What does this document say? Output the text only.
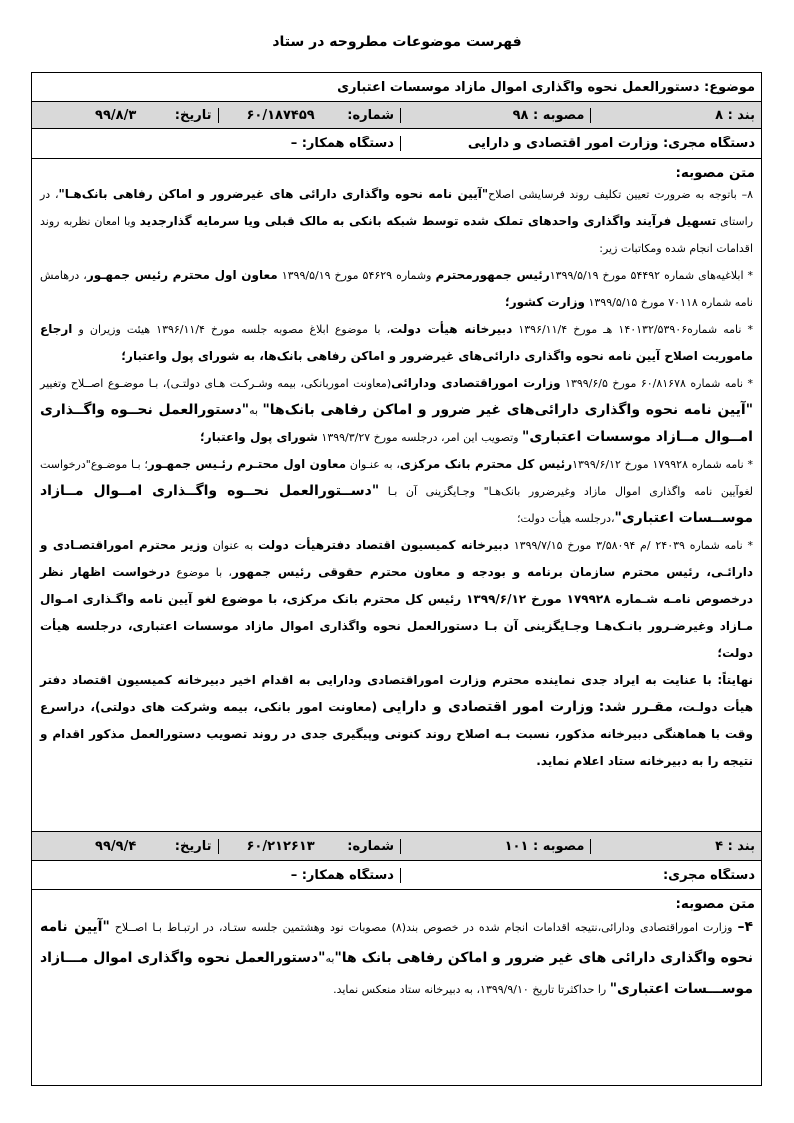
فهرست موضوعات مطروحه در ستاد
موضوع: دستورالعمل نحوه واگذاری اموال مازاد موسسات اعتباری
بند : ۸
مصوبه : ۹۸
شماره: ۶۰/۱۸۷۴۵۹
تاریخ: ۹۹/۸/۳
دستگاه مجری: وزارت امور اقتصادی و دارایی
دستگاه همکار: –
متن مصوبه:

۸– باتوجه به ضرورت تعیین تکلیف روند فرسایشی اصلاح"آیین نامه نحوه واگذاری دارائی های غیرضرور و اماکن رفاهی بانک‌هـا"، در راستای تسهیل فرآیند واگذاری واحدهای تملک شده توسط شبکه بانکی به مالک قبلی ویا سرمایه گذارجدید وبا امعان نظربه روند اقدامات انجام شده ومکاتبات زیر:

* ابلاغیه‌های شماره ۵۴۴۹۲ مورخ ۱۳۹۹/۵/۱۹رئیس جمهورمحترم وشماره ۵۴۶۲۹ مورخ ۱۳۹۹/۵/۱۹ معاون اول محترم رئیس جمهـور، درهامش نامه شماره ۷۰۱۱۸ مورخ ۱۳۹۹/۵/۱۵ وزارت کشور؛

* نامه شماره۱۴۰۱۳۲/۵۳۹۰۶ هـ مورخ ۱۳۹۶/۱۱/۴ دبیرخانه هیأت دولت، با موضوع ابلاغ مصوبه جلسه مورخ ۱۳۹۶/۱۱/۴ هیئت وزیران و ارجاع ماموریت اصلاح آیین نامه نحوه واگذاری دارائی‌های غیرضرور و اماکن رفاهی بانک‌ها، به شورای پول واعتبار؛

* نامه شماره ۶۰/۸۱۶۷۸ مورخ ۱۳۹۹/۶/۵ وزارت اموراقتصادی ودارائی(معاونت اموربانکی، بیمه وشـرکـت هـای دولتـی)، بـا موضـوع اصــلاح وتغییر "آیین نامه نحوه واگذاری دارائی‌های غیر ضرور و اماکن رفاهی بانک‌ها" به"دستورالعمل نحــوه واگــذاری امــوال مــازاد موسسات اعتباری" وتصویب این امر، درجلسه مورخ ۱۳۹۹/۳/۲۷ شورای پول واعتبار؛

* نامه شماره ۱۷۹۹۲۸ مورخ ۱۳۹۹/۶/۱۲رئیس کل محترم بانک مرکزی، به عنـوان معاون اول محتـرم رئـیس جمهـور؛ بـا موضـوع"درخواست لغوآیین نامه واگذاری اموال مازاد وغیرضرور بانک‌هـا" وجـایگزینی آن بـا "دســتورالعمل نحــوه واگــذاری امــوال مــازاد موســسات اعتباری"،درجلسه هیأت دولت؛

* نامه شماره ۲۴۰۳۹ /م ۳/۵۸۰۹۴ مورخ ۱۳۹۹/۷/۱۵ دبیرخانه کمیسیون اقتصاد دفترهیأت دولت به عنوان وزیر محترم اموراقتصـادی و دارائـی، رئیس محترم سازمان برنامه و بودجه و معاون محترم حقوقی رئیس جمهور، با موضوع درخواست اظهار نظر درخصوص نامـه شـماره ۱۷۹۹۲۸ مورخ ۱۳۹۹/۶/۱۲ رئیس کل محترم بانک مرکزی، با موضوع لغو آیین نامه واگـذاری امـوال مـازاد وغیرضـرور بانـک‌هـا وجـایگزینی آن بـا دستورالعمل نحوه واگذاری اموال مازاد موسسات اعتباری، درجلسه هیأت دولت؛

نهایتاً: با عنایت به ایراد جدی نماینده محترم وزارت اموراقتصادی ودارایی به اقدام اخیر دبیرخانه کمیسیون اقتصاد دفتر هیأت دولـت، مقـرر شد: وزارت امور اقتصادی و دارایی (معاونت امور بانکی، بیمه وشرکت های دولتی)، دراسرع وقت با هماهنگی دبیرخانه مذکور، نسبت بـه اصلاح روند کنونی وپیگیری جدی در روند تصویب دستورالعمل مذکور اقدام و نتیجه را به دبیرخانه ستاد اعلام نماید.

بند : ۴
مصوبه : ۱۰۱
شماره: ۶۰/۲۱۲۶۱۳
تاریخ: ۹۹/۹/۴
دستگاه مجری:
دستگاه همکار: –
متن مصوبه:

۴– وزارت اموراقتصادی ودارائی،نتیجه اقدامات انجام شده در خصوص بند(۸) مصوبات نود وهشتمین جلسه ستـاد، در ارتبـاط بـا اصــلاح "آیین نامه نحوه واگذاری دارائی های غیر ضرور و اماکن رفاهی بانک ها"به"دستورالعمل نحوه واگذاری اموال مـــازاد موســـسات اعتباری" را حداکثرتا تاریخ ۱۳۹۹/۹/۱۰، به دبیرخانه ستاد منعکس نماید.
